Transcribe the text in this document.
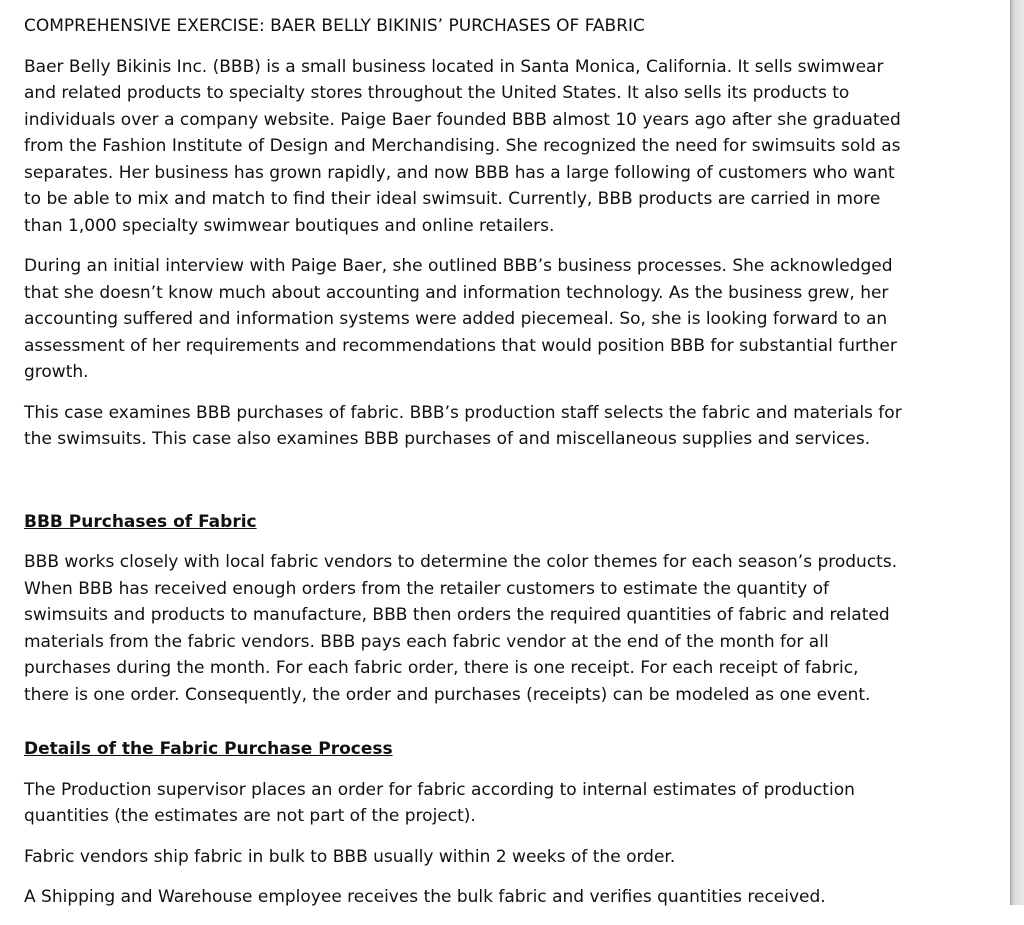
COMPREHENSIVE EXERCISE: BAER BELLY BIKINIS’ PURCHASES OF FABRIC

Baer Belly Bikinis Inc. (BBB) is a small business located in Santa Monica, California. It sells swimwear and related products to specialty stores throughout the United States. It also sells its products to individuals over a company website. Paige Baer founded BBB almost 10 years ago after she graduated from the Fashion Institute of Design and Merchandising. She recognized the need for swimsuits sold as separates. Her business has grown rapidly, and now BBB has a large following of customers who want to be able to mix and match to find their ideal swimsuit. Currently, BBB products are carried in more than 1,000 specialty swimwear boutiques and online retailers.

During an initial interview with Paige Baer, she outlined BBB’s business processes. She acknowledged that she doesn’t know much about accounting and information technology. As the business grew, her accounting suffered and information systems were added piecemeal. So, she is looking forward to an assessment of her requirements and recommendations that would position BBB for substantial further growth.

This case examines BBB purchases of fabric. BBB’s production staff selects the fabric and materials for the swimsuits. This case also examines BBB purchases of and miscellaneous supplies and services.

BBB Purchases of Fabric

BBB works closely with local fabric vendors to determine the color themes for each season’s products. When BBB has received enough orders from the retailer customers to estimate the quantity of swimsuits and products to manufacture, BBB then orders the required quantities of fabric and related materials from the fabric vendors. BBB pays each fabric vendor at the end of the month for all purchases during the month. For each fabric order, there is one receipt. For each receipt of fabric, there is one order. Consequently, the order and purchases (receipts) can be modeled as one event.

Details of the Fabric Purchase Process

The Production supervisor places an order for fabric according to internal estimates of production quantities (the estimates are not part of the project).

Fabric vendors ship fabric in bulk to BBB usually within 2 weeks of the order.

A Shipping and Warehouse employee receives the bulk fabric and verifies quantities received.
